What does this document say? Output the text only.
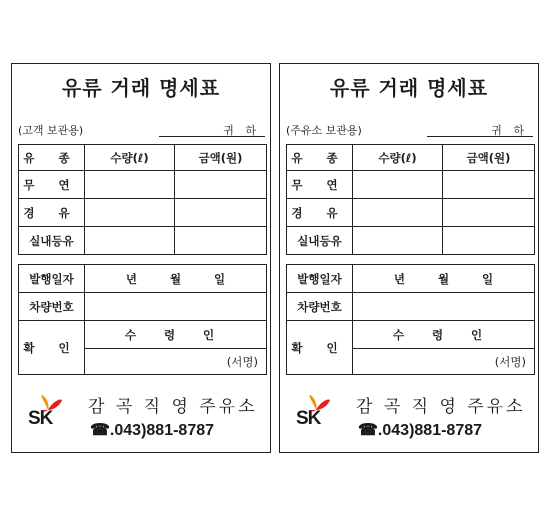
유류 거래 명세표
(고객 보관용)	귀 하
유 종	수량(ℓ)	금액(원)
무 연		
경 유		
실내등유		
발행일자	년 월 일
차량번호	
확 인	수 령 인
	(서명)
SK
감 곡 직 영 주유소
☎.043)881-8787
유류 거래 명세표
(주유소 보관용)	귀 하
유 종	수량(ℓ)	금액(원)
무 연		
경 유		
실내등유		
발행일자	년 월 일
차량번호	
확 인	수 령 인
	(서명)
SK
감 곡 직 영 주유소
☎.043)881-8787
